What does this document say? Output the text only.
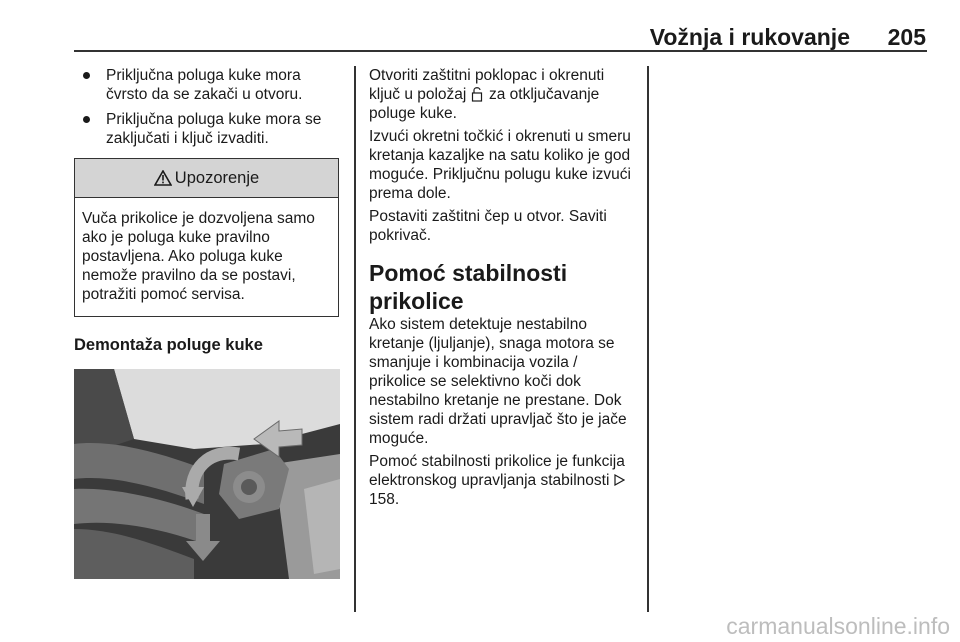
Vožnja i rukovanje	205
Priključna poluga kuke mora čvrsto da se zakači u otvoru.
Priključna poluga kuke mora se zaključati i ključ izvaditi.
Upozorenje
Vuča prikolice je dozvoljena samo ako je poluga kuke pravilno postavljena. Ako poluga kuke nemože pravilno da se postavi, potražiti pomoć servisa.
Demontaža poluge kuke

Otvoriti zaštitni poklopac i okrenuti ključ u položaj za otključavanje poluge kuke.

Izvući okretni točkić i okrenuti u smeru kretanja kazaljke na satu koliko je god moguće. Priključnu polugu kuke izvući prema dole.

Postaviti zaštitni čep u otvor. Saviti pokrivač.

Pomoć stabilnosti prikolice

Ako sistem detektuje nestabilno kretanje (ljuljanje), snaga motora se smanjuje i kombinacija vozila / prikolice se selektivno koči dok nestabilno kretanje ne prestane. Dok sistem radi držati upravljač što je jače moguće.

Pomoć stabilnosti prikolice je funkcija elektronskog upravljanja stabilnosti 158.

carmanualsonline.info
